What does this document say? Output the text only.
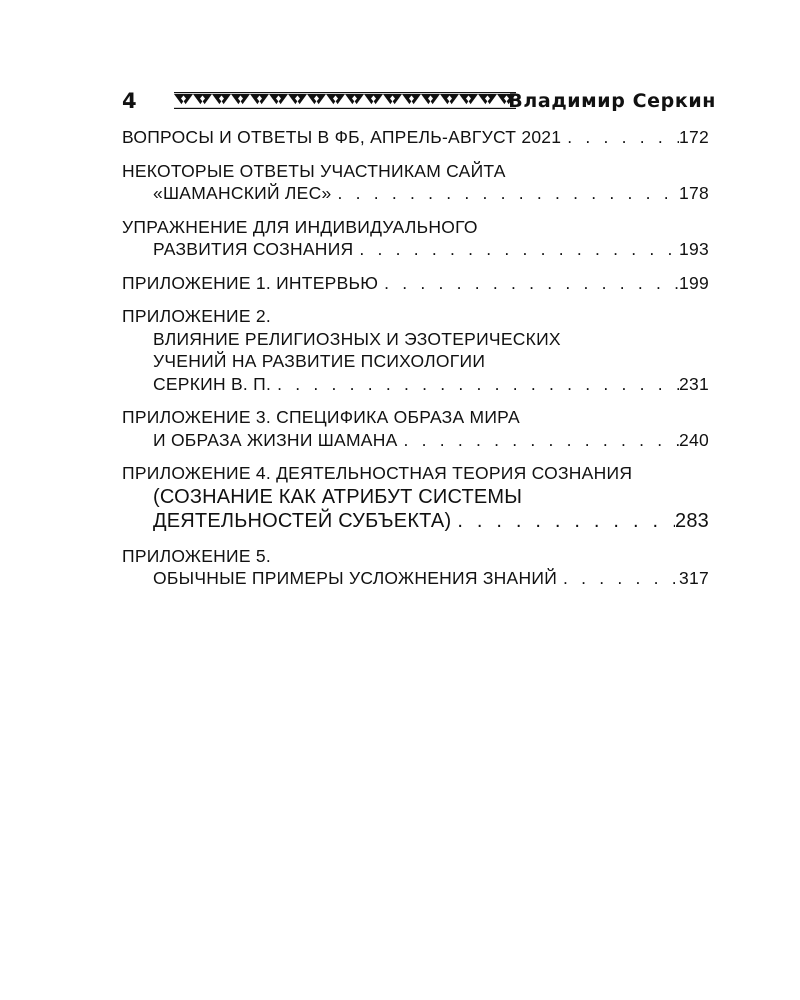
4	Владимир Серкин
ВОПРОСЫ И ОТВЕТЫ В ФБ, АПРЕЛЬ-АВГУСТ 2021 . . .	172
НЕКОТОРЫЕ ОТВЕТЫ УЧАСТНИКАМ САЙТА
«ШАМАНСКИЙ ЛЕС» . . .	178
УПРАЖНЕНИЕ ДЛЯ ИНДИВИДУАЛЬНОГО
РАЗВИТИЯ СОЗНАНИЯ . . .	193
ПРИЛОЖЕНИЕ 1. ИНТЕРВЬЮ . . .	199
ПРИЛОЖЕНИЕ 2.
ВЛИЯНИЕ РЕЛИГИОЗНЫХ И ЭЗОТЕРИЧЕСКИХ
УЧЕНИЙ НА РАЗВИТИЕ ПСИХОЛОГИИ
СЕРКИН В. П. . . .	231
ПРИЛОЖЕНИЕ 3. СПЕЦИФИКА ОБРАЗА МИРА
И ОБРАЗА ЖИЗНИ ШАМАНА . . .	240
ПРИЛОЖЕНИЕ 4. ДЕЯТЕЛЬНОСТНАЯ ТЕОРИЯ СОЗНАНИЯ
(СОЗНАНИЕ КАК АТРИБУТ СИСТЕМЫ
ДЕЯТЕЛЬНОСТЕЙ СУБЪЕКТА) . . .	283
ПРИЛОЖЕНИЕ 5.
ОБЫЧНЫЕ ПРИМЕРЫ УСЛОЖНЕНИЯ ЗНАНИЙ . . .	317
